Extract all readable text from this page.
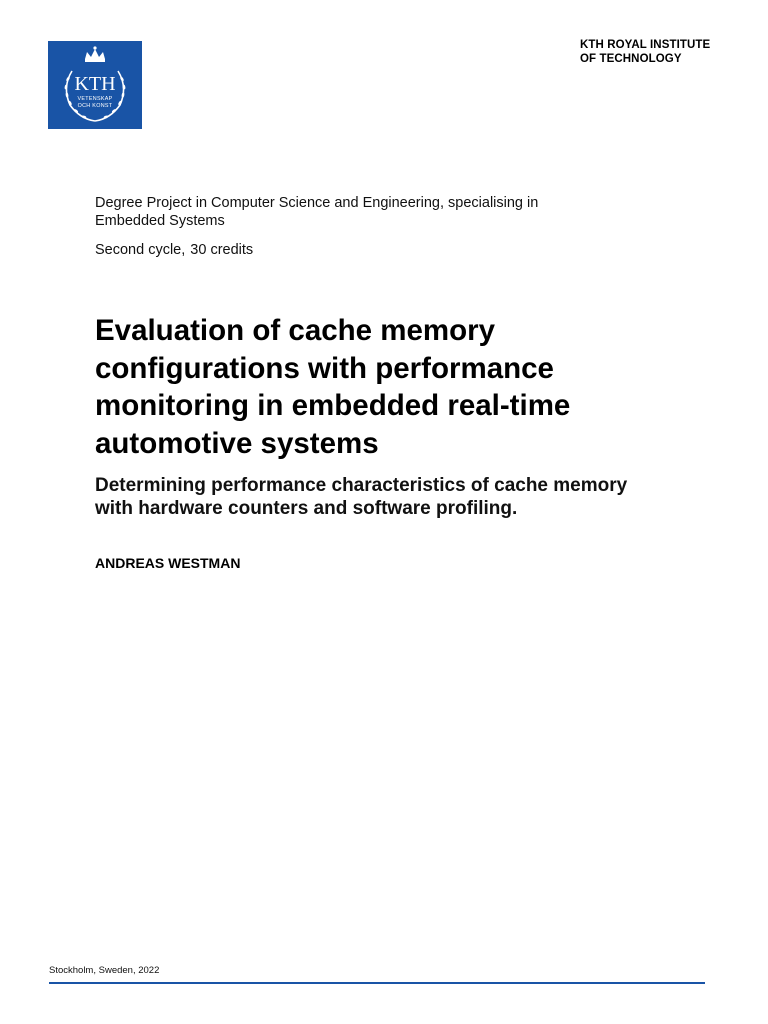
KTH
VETENSKAP
OCH KONST
KTH ROYAL INSTITUTE
OF TECHNOLOGY
Degree Project in Computer Science and Engineering, specialising in
Embedded Systems
Second cycle, 30 credits
Evaluation of cache memory
configurations with performance
monitoring in embedded real-time
automotive systems
Determining performance characteristics of cache memory
with hardware counters and software profiling.
ANDREAS WESTMAN
Stockholm, Sweden, 2022
